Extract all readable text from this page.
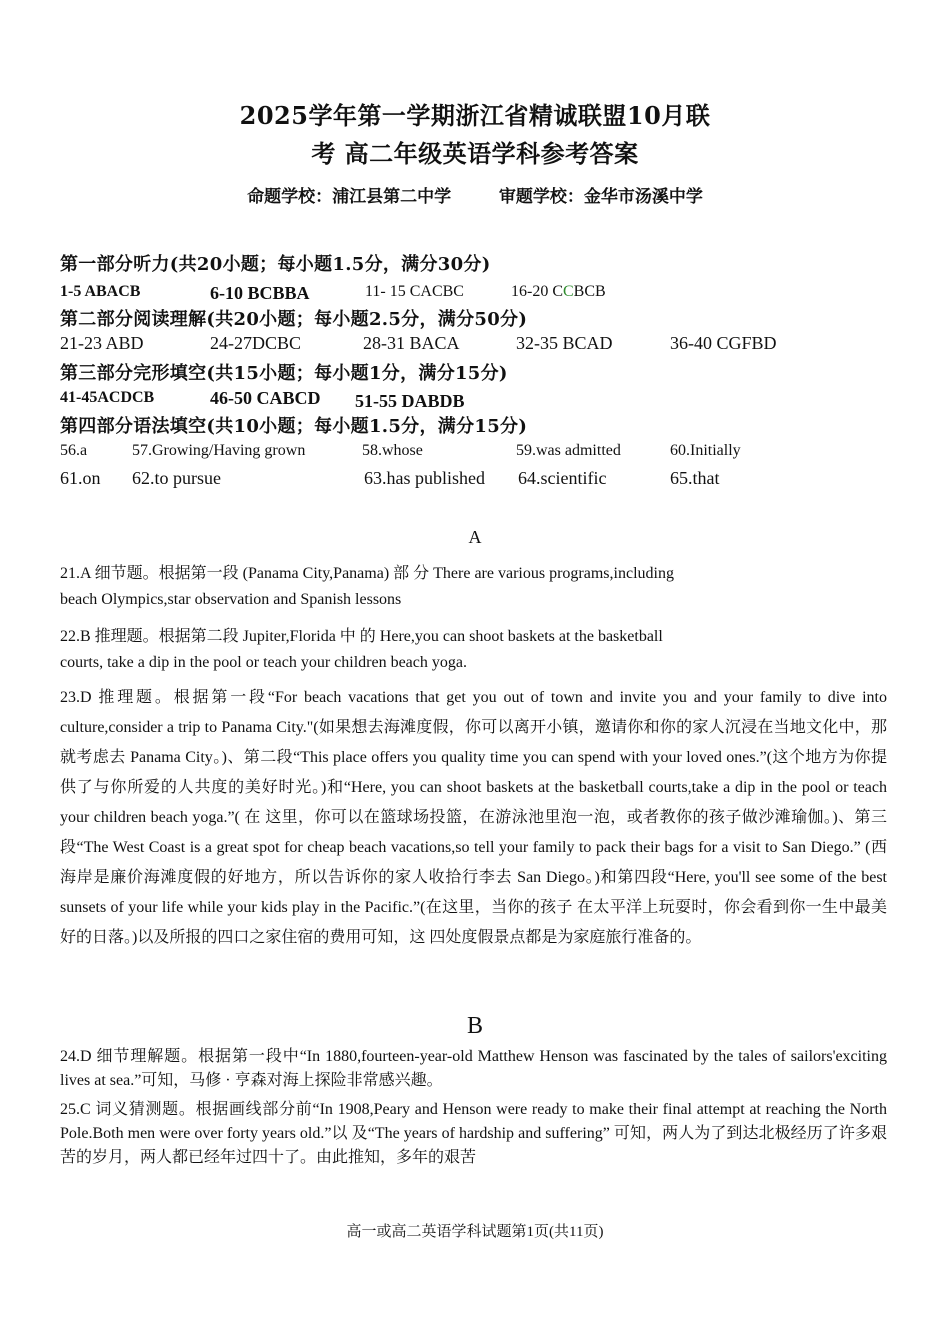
2025学年第一学期浙江省精诚联盟10月联
考 高二年级英语学科参考答案
命题学校：浦江县第二中学	审题学校：金华市汤溪中学
第一部分听力(共20小题；每小题1.5分，满分30分)
1-5 ABACB	6-10 BCBBA	11- 15 CACBC	16-20 CCBCB
第二部分阅读理解(共20小题；每小题2.5分，满分50分)
21-23 ABD	24-27DCBC	28-31 BACA	32-35 BCAD	36-40 CGFBD
第三部分完形填空(共15小题；每小题1分，满分15分)
41-45ACDCB	46-50 CABCD 51-55 DABDB
第四部分语法填空(共10小题；每小题1.5分，满分15分)
56.a	57.Growing/Having grown	58.whose	59.was admitted	60.Initially
61.on 62.to pursue	63.has published 64.scientific	65.that
A
21.A 细节题。根据第一段 (Panama City,Panama) 部 分 There are various programs,including
beach Olympics,star observation and Spanish lessons
22.B 推理题。根据第二段 Jupiter,Florida 中 的 Here,you can shoot baskets at the basketball
courts, take a dip in the pool or teach your children beach yoga.
23.D 推理题。根据第一段“For beach vacations that get you out of town and invite you and your family to dive into culture,consider a trip to Panama City."(如果想去海滩度假，你可以离开小镇，邀请你和你的家人沉浸在当地文化中，那就考虑去 Panama City。)、第二段“This place offers you quality time you can spend with your loved ones.”(这个地方为你提供了与你所爱的人共度的美好时光。)和“Here, you can shoot baskets at the basketball courts,take a dip in the pool or teach your children beach yoga.”( 在 这里，你可以在篮球场投篮，在游泳池里泡一泡，或者教你的孩子做沙滩瑜伽。)、第三段“The West Coast is a great spot for cheap beach vacations,so tell your family to pack their bags for a visit to San Diego.” (西海岸是廉价海滩度假的好地方，所以告诉你的家人收拾行李去 San Diego。)和第四段“Here, you'll see some of the best sunsets of your life while your kids play in the Pacific.”(在这里，当你的孩子 在太平洋上玩耍时，你会看到你一生中最美好的日落。)以及所报的四口之家住宿的费用可知，这 四处度假景点都是为家庭旅行准备的。
B
24.D 细节理解题。根据第一段中“In 1880,fourteen-year-old Matthew Henson was fascinated by the tales of sailors'exciting lives at sea.”可知，马修 · 亨森对海上探险非常感兴趣。
25.C 词义猜测题。根据画线部分前“In 1908,Peary and Henson were ready to make their final attempt at reaching the North Pole.Both men were over forty years old.”以 及“The years of hardship and suffering” 可知，两人为了到达北极经历了许多艰苦的岁月，两人都已经年过四十了。由此推知，多年的艰苦
高一或高二英语学科试题第1页(共11页)
